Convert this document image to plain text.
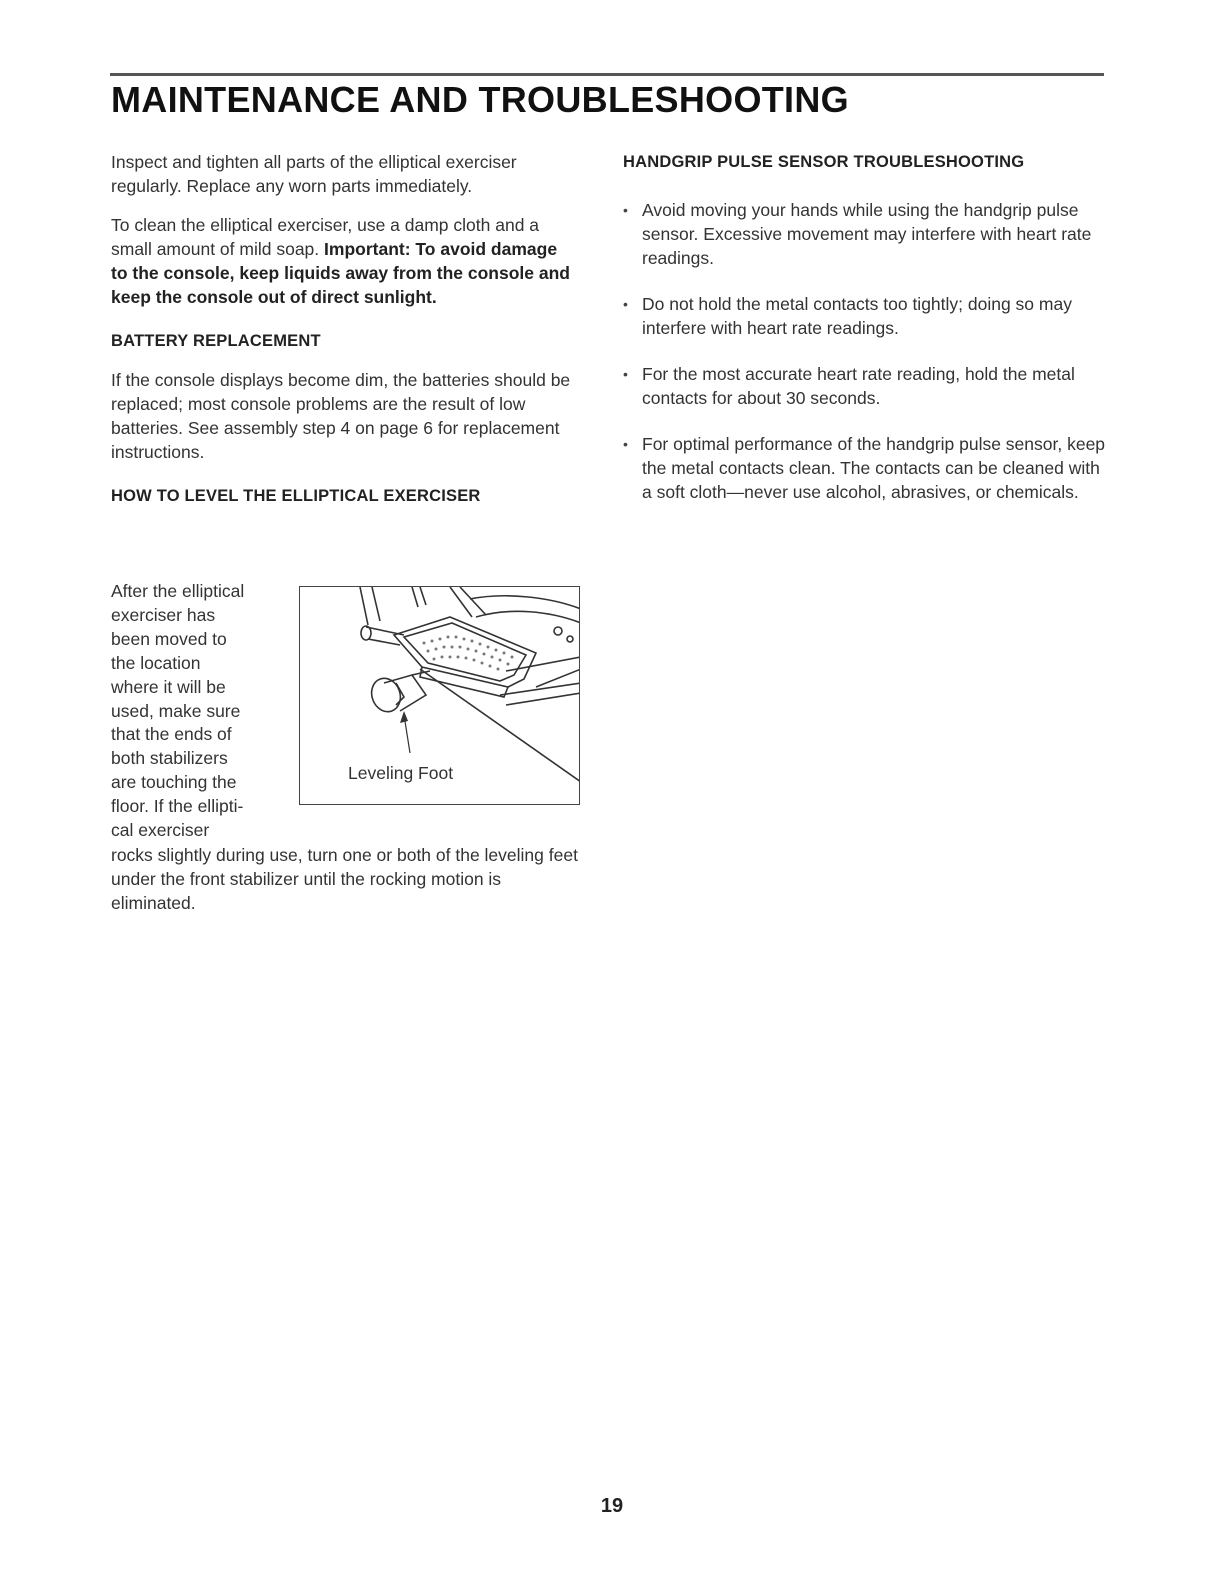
MAINTENANCE AND TROUBLESHOOTING

Inspect and tighten all parts of the elliptical exerciser regularly. Replace any worn parts immediately.

To clean the elliptical exerciser, use a damp cloth and a small amount of mild soap. Important: To avoid damage to the console, keep liquids away from the console and keep the console out of direct sunlight.

BATTERY REPLACEMENT

If the console displays become dim, the batteries should be replaced; most console problems are the result of low batteries. See assembly step 4 on page 6 for replacement instructions.

HOW TO LEVEL THE ELLIPTICAL EXERCISER

After the elliptical
exerciser has
been moved to
the location
where it will be
used, make sure
that the ends of
both stabilizers
are touching the
floor. If the ellipti-
cal exerciser

Leveling Foot

rocks slightly during use, turn one or both of the leveling feet under the front stabilizer until the rocking motion is eliminated.

HANDGRIP PULSE SENSOR TROUBLESHOOTING
• Avoid moving your hands while using the handgrip pulse sensor. Excessive movement may interfere with heart rate readings.
• Do not hold the metal contacts too tightly; doing so may interfere with heart rate readings.
• For the most accurate heart rate reading, hold the metal contacts for about 30 seconds.
• For optimal performance of the handgrip pulse sensor, keep the metal contacts clean. The contacts can be cleaned with a soft cloth—never use alcohol, abrasives, or chemicals.
19
